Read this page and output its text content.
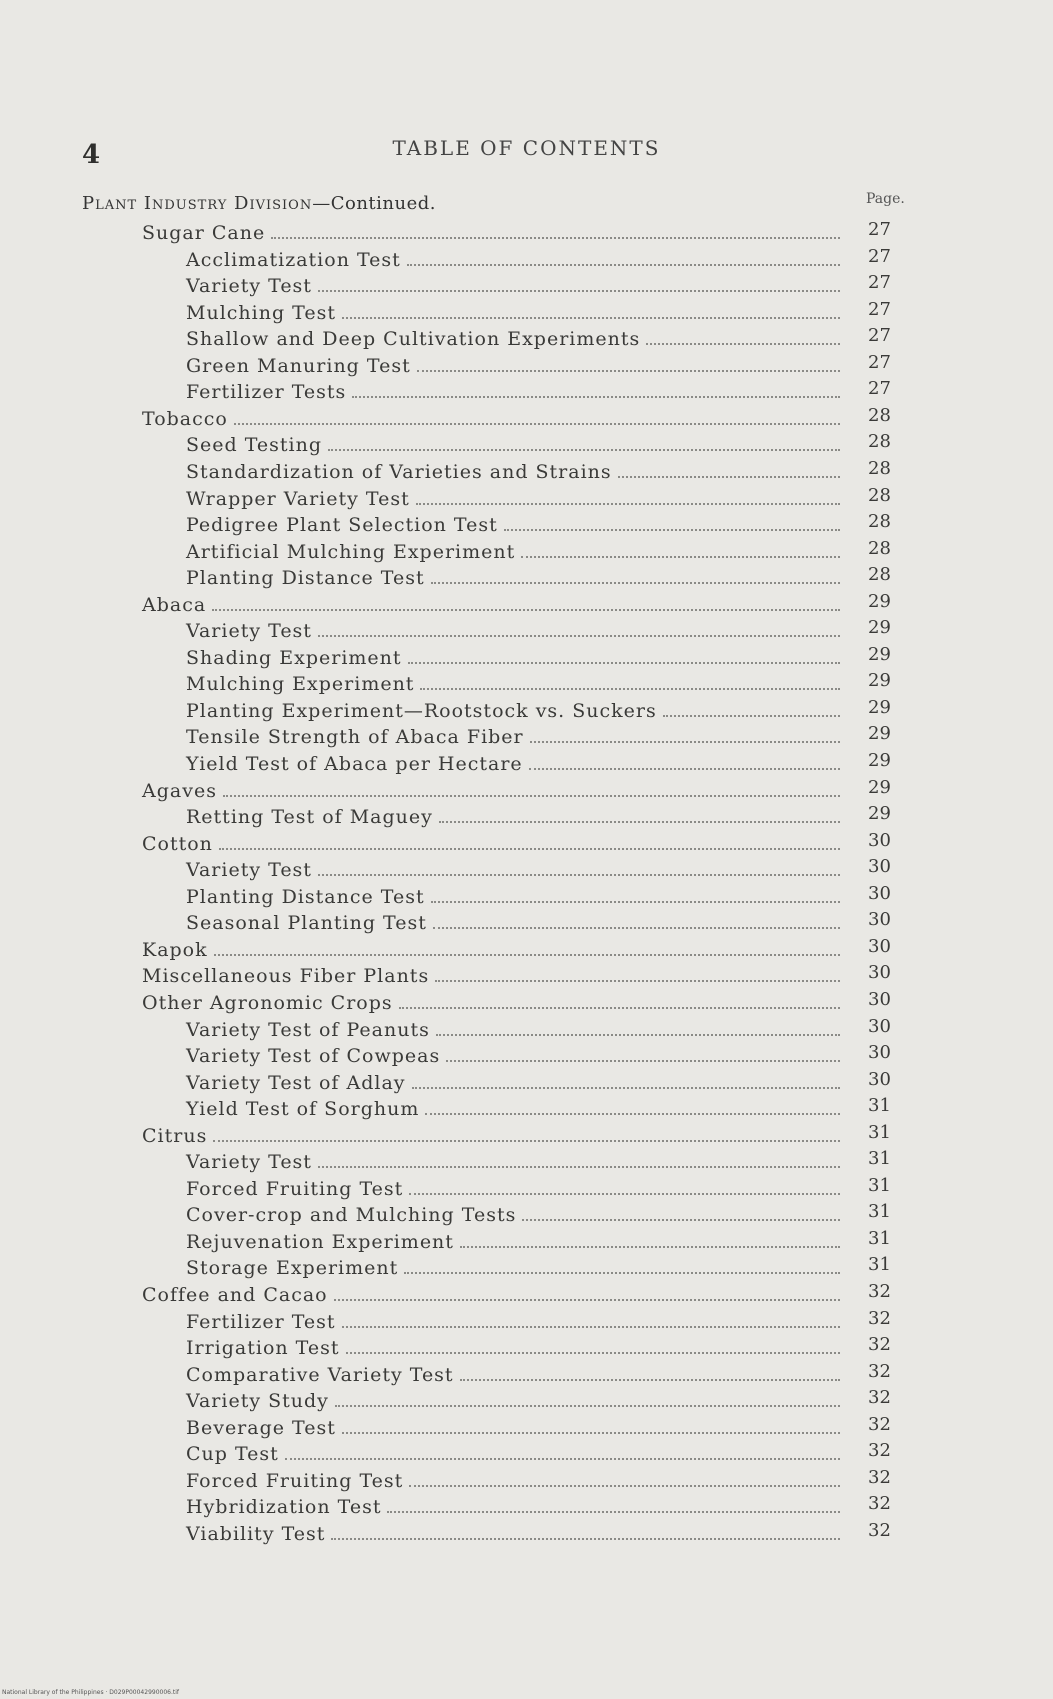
4	TABLE OF CONTENTS
Plant Industry Division—Continued.	Page.
Sugar Cane	27
Acclimatization Test	27
Variety Test	27
Mulching Test	27
Shallow and Deep Cultivation Experiments	27
Green Manuring Test	27
Fertilizer Tests	27
Tobacco	28
Seed Testing	28
Standardization of Varieties and Strains	28
Wrapper Variety Test	28
Pedigree Plant Selection Test	28
Artificial Mulching Experiment	28
Planting Distance Test	28
Abaca	29
Variety Test	29
Shading Experiment	29
Mulching Experiment	29
Planting Experiment—Rootstock vs. Suckers	29
Tensile Strength of Abaca Fiber	29
Yield Test of Abaca per Hectare	29
Agaves	29
Retting Test of Maguey	29
Cotton	30
Variety Test	30
Planting Distance Test	30
Seasonal Planting Test	30
Kapok	30
Miscellaneous Fiber Plants	30
Other Agronomic Crops	30
Variety Test of Peanuts	30
Variety Test of Cowpeas	30
Variety Test of Adlay	30
Yield Test of Sorghum	31
Citrus	31
Variety Test	31
Forced Fruiting Test	31
Cover-crop and Mulching Tests	31
Rejuvenation Experiment	31
Storage Experiment	31
Coffee and Cacao	32
Fertilizer Test	32
Irrigation Test	32
Comparative Variety Test	32
Variety Study	32
Beverage Test	32
Cup Test	32
Forced Fruiting Test	32
Hybridization Test	32
Viability Test	32
National Library of the Philippines · D029P00042990006.tif
